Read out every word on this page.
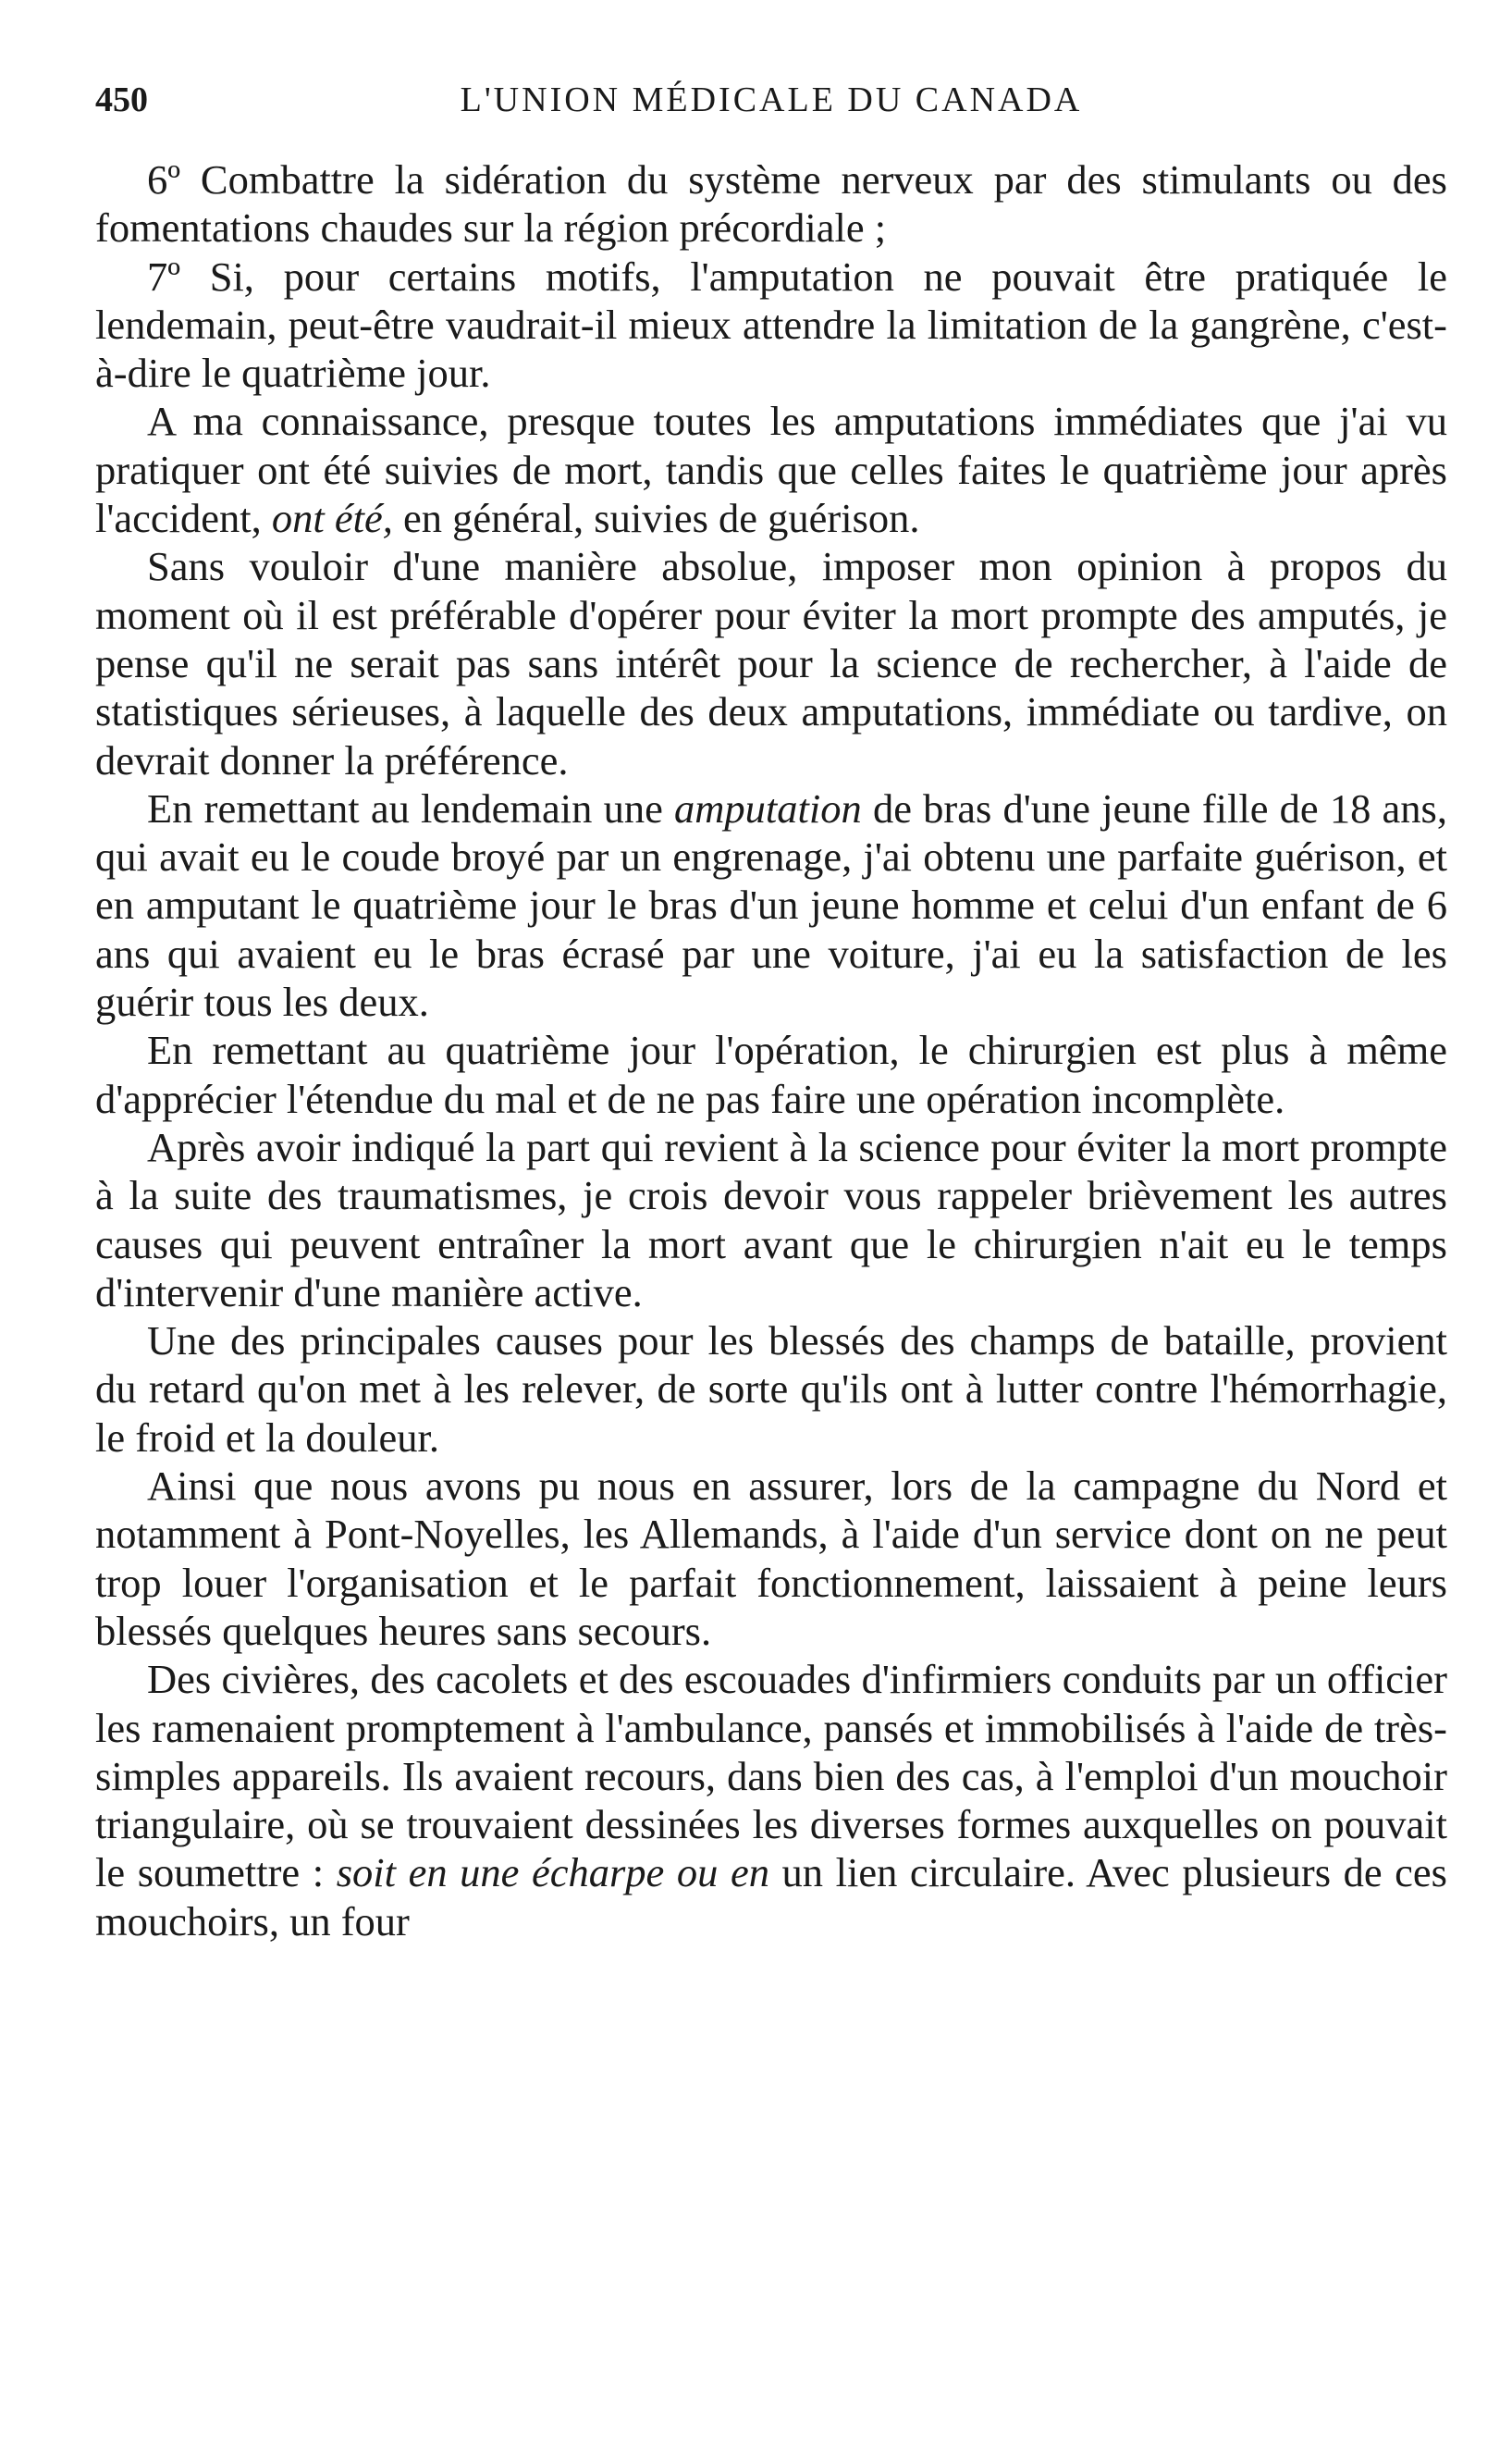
450	L'UNION MÉDICALE DU CANADA

6º Combattre la sidération du système nerveux par des stimulants ou des fomentations chaudes sur la région précordiale ;

7º Si, pour certains motifs, l'amputation ne pouvait être pratiquée le lendemain, peut-être vaudrait-il mieux attendre la limitation de la gangrène, c'est-à-dire le quatrième jour.

A ma connaissance, presque toutes les amputations immédiates que j'ai vu pratiquer ont été suivies de mort, tandis que celles faites le quatrième jour après l'accident, ont été, en général, suivies de guérison.

Sans vouloir d'une manière absolue, imposer mon opinion à propos du moment où il est préférable d'opérer pour éviter la mort prompte des amputés, je pense qu'il ne serait pas sans intérêt pour la science de rechercher, à l'aide de statistiques sérieuses, à laquelle des deux amputations, immédiate ou tardive, on devrait donner la préférence.

En remettant au lendemain une amputation de bras d'une jeune fille de 18 ans, qui avait eu le coude broyé par un engrenage, j'ai obtenu une parfaite guérison, et en amputant le quatrième jour le bras d'un jeune homme et celui d'un enfant de 6 ans qui avaient eu le bras écrasé par une voiture, j'ai eu la satisfaction de les guérir tous les deux.

En remettant au quatrième jour l'opération, le chirurgien est plus à même d'apprécier l'étendue du mal et de ne pas faire une opération incomplète.

Après avoir indiqué la part qui revient à la science pour éviter la mort prompte à la suite des traumatismes, je crois devoir vous rappeler brièvement les autres causes qui peuvent entraîner la mort avant que le chirurgien n'ait eu le temps d'intervenir d'une manière active.

Une des principales causes pour les blessés des champs de bataille, provient du retard qu'on met à les relever, de sorte qu'ils ont à lutter contre l'hémorrhagie, le froid et la douleur.

Ainsi que nous avons pu nous en assurer, lors de la campagne du Nord et notamment à Pont-Noyelles, les Allemands, à l'aide d'un service dont on ne peut trop louer l'organisation et le parfait fonctionnement, laissaient à peine leurs blessés quelques heures sans secours.

Des civières, des cacolets et des escouades d'infirmiers conduits par un officier les ramenaient promptement à l'ambulance, pansés et immobilisés à l'aide de très-simples appareils. Ils avaient recours, dans bien des cas, à l'emploi d'un mouchoir triangulaire, où se trouvaient dessinées les diverses formes auxquelles on pouvait le soumettre : soit en une écharpe ou en un lien circulaire. Avec plusieurs de ces mouchoirs, un four
